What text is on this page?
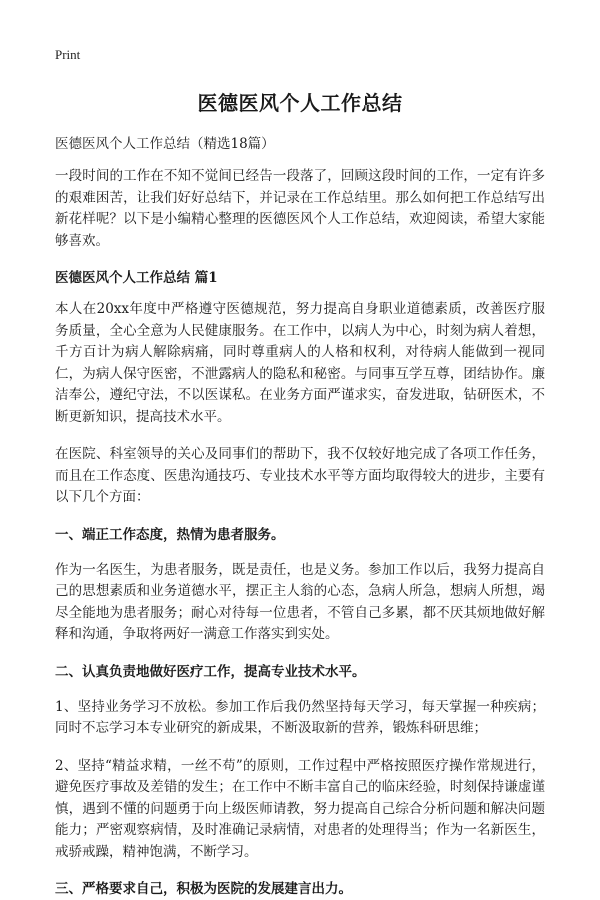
Print
医德医风个人工作总结

医德医风个人工作总结（精选18篇）

一段时间的工作在不知不觉间已经告一段落了，回顾这段时间的工作，一定有许多的艰难困苦，让我们好好总结下，并记录在工作总结里。那么如何把工作总结写出新花样呢？以下是小编精心整理的医德医风个人工作总结，欢迎阅读，希望大家能够喜欢。

医德医风个人工作总结 篇1

本人在20xx年度中严格遵守医德规范，努力提高自身职业道德素质，改善医疗服务质量，全心全意为人民健康服务。在工作中，以病人为中心，时刻为病人着想，千方百计为病人解除病痛，同时尊重病人的人格和权利，对待病人能做到一视同仁，为病人保守医密，不泄露病人的隐私和秘密。与同事互学互尊，团结协作。廉洁奉公，遵纪守法，不以医谋私。在业务方面严谨求实，奋发进取，钻研医术，不断更新知识，提高技术水平。

在医院、科室领导的关心及同事们的帮助下，我不仅较好地完成了各项工作任务，而且在工作态度、医患沟通技巧、专业技术水平等方面均取得较大的进步，主要有以下几个方面：

一、端正工作态度，热情为患者服务。

作为一名医生，为患者服务，既是责任，也是义务。参加工作以后，我努力提高自己的思想素质和业务道德水平，摆正主人翁的心态，急病人所急，想病人所想，竭尽全能地为患者服务；耐心对待每一位患者，不管自己多累，都不厌其烦地做好解释和沟通，争取将两好一满意工作落实到实处。

二、认真负责地做好医疗工作，提高专业技术水平。

1、坚持业务学习不放松。参加工作后我仍然坚持每天学习，每天掌握一种疾病；同时不忘学习本专业研究的新成果，不断汲取新的营养，锻炼科研思维；

2、坚持“精益求精，一丝不苟”的原则，工作过程中严格按照医疗操作常规进行，避免医疗事故及差错的发生；在工作中不断丰富自己的临床经验，时刻保持谦虚谨慎，遇到不懂的问题勇于向上级医师请教，努力提高自己综合分析问题和解决问题能力；严密观察病情，及时准确记录病情，对患者的处理得当；作为一名新医生，戒骄戒躁，精神饱满，不断学习。

三、严格要求自己，积极为医院的发展建言出力。
